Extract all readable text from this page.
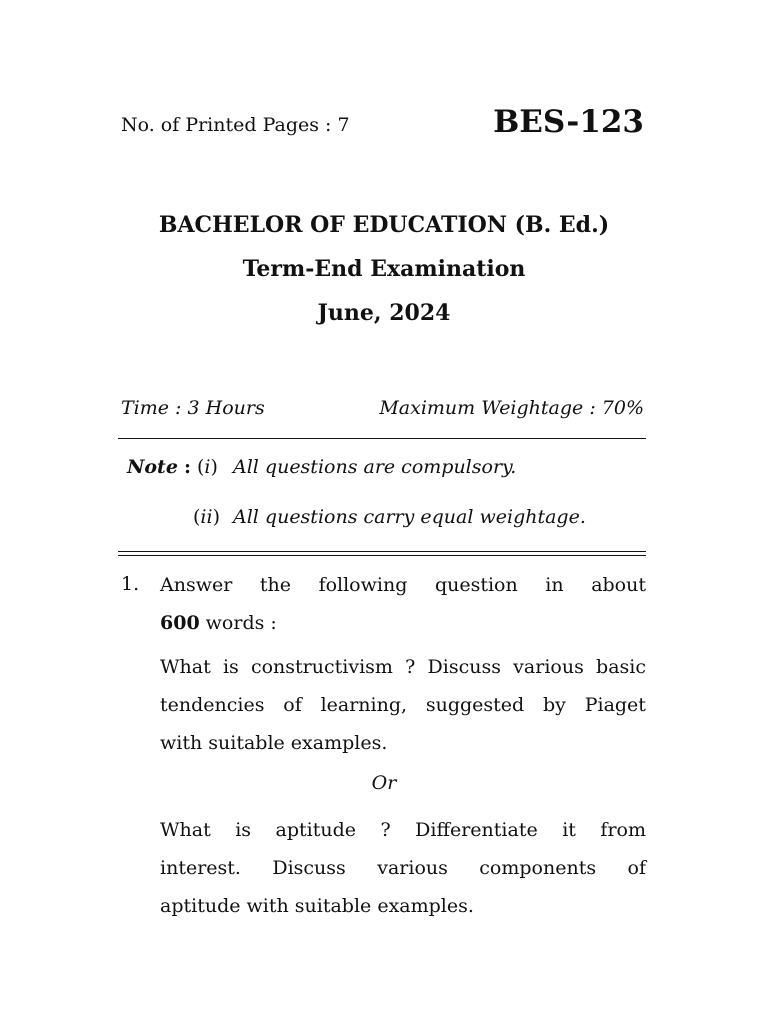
No. of Printed Pages : 7	BES-123
BACHELOR OF EDUCATION (B. Ed.)
Term-End Examination
June, 2024
Time : 3 Hours	Maximum Weightage : 70%
Note : (i) All questions are compulsory.
(ii) All questions carry equal weightage.
1. Answer the following question in about
600 words :
What is constructivism ? Discuss various basic
tendencies of learning, suggested by Piaget
with suitable examples.
Or
What is aptitude ? Differentiate it from
interest. Discuss various components of
aptitude with suitable examples.
